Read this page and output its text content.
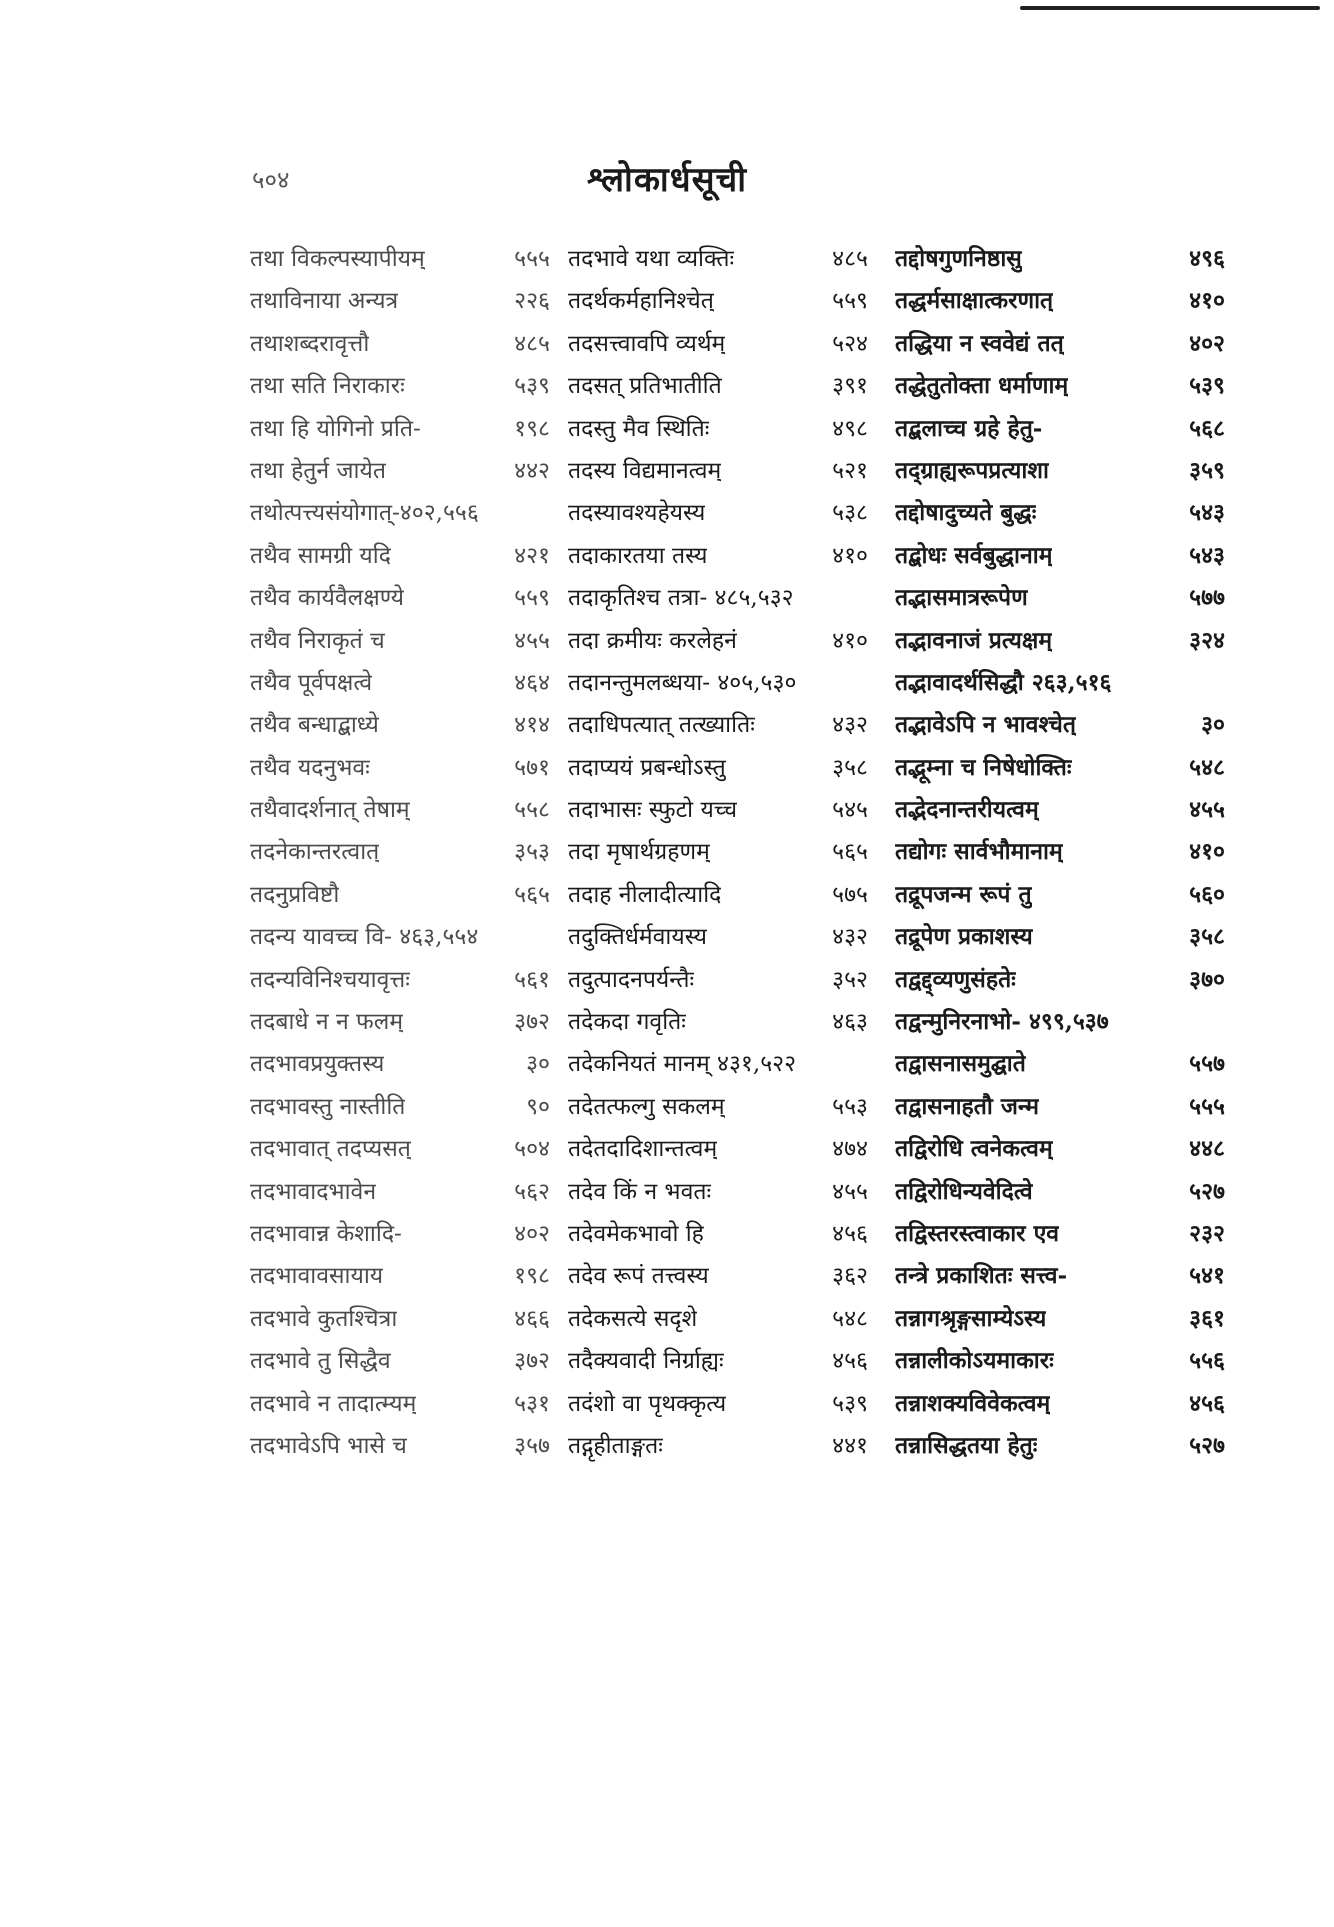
५०४	श्लोकार्धसूची
तथा विकल्पस्यापीयम्	५५५
तथाविनाया अन्यत्र	२२६
तथाशब्दरावृत्तौ	४८५
तथा सति निराकारः	५३९
तथा हि योगिनो प्रति-	१९८
तथा हेतुर्न जायेत	४४२
तथोत्पत्त्यसंयोगात्-४०२,५५६
तथैव सामग्री यदि	४२१
तथैव कार्यवैलक्षण्ये	५५९
तथैव निराकृतं च	४५५
तथैव पूर्वपक्षत्वे	४६४
तथैव बन्धाद्बाध्ये	४१४
तथैव यदनुभवः	५७१
तथैवादर्शनात् तेषाम्	५५८
तदनेकान्तरत्वात्	३५३
तदनुप्रविष्टौ	५६५
तदन्य यावच्च वि- ४६३,५५४
तदन्यविनिश्चयावृत्तः	५६१
तदबाधे न न फलम्	३७२
तदभावप्रयुक्तस्य	३०
तदभावस्तु नास्तीति	९०
तदभावात् तदप्यसत्	५०४
तदभावादभावेन	५६२
तदभावान्न केशादि-	४०२
तदभावावसायाय	१९८
तदभावे कुतश्चित्रा	४६६
तदभावे तु सिद्धैव	३७२
तदभावे न तादात्म्यम्	५३१
तदभावेऽपि भासे च	३५७
तदभावे यथा व्यक्तिः	४८५
तदर्थकर्महानिश्चेत्	५५९
तदसत्त्वावपि व्यर्थम्	५२४
तदसत् प्रतिभातीति	३९१
तदस्तु मैव स्थितिः	४९८
तदस्य विद्यमानत्वम्	५२१
तदस्यावश्यहेयस्य	५३८
तदाकारतया तस्य	४१०
तदाकृतिश्च तत्रा- ४८५,५३२
तदा क्रमीयः करलेहनं	४१०
तदानन्तुमलब्धया- ४०५,५३०
तदाधिपत्यात् तत्ख्यातिः	४३२
तदाप्ययं प्रबन्धोऽस्तु	३५८
तदाभासः स्फुटो यच्च	५४५
तदा मृषार्थग्रहणम्	५६५
तदाह नीलादीत्यादि	५७५
तदुक्तिर्धर्मवायस्य	४३२
तदुत्पादनपर्यन्तैः	३५२
तदेकदा गवृतिः	४६३
तदेकनियतं मानम् ४३१,५२२
तदेतत्फल्गु सकलम्	५५३
तदेतदादिशान्तत्वम्	४७४
तदेव किं न भवतः	४५५
तदेवमेकभावो हि	४५६
तदेव रूपं तत्त्वस्य	३६२
तदेकसत्ये सदृशे	५४८
तदैक्यवादी निर्ग्राह्यः	४५६
तदंशो वा पृथक्कृत्य	५३९
तद्गृहीताङ्गतः	४४१
तद्दोषगुणनिष्ठासु	४९६
तद्धर्मसाक्षात्करणात्	४१०
तद्धिया न स्ववेद्यं तत्	४०२
तद्धेतुतोक्ता धर्माणाम्	५३९
तद्बलाच्च ग्रहे हेतु-	५६८
तद्ग्राह्यरूपप्रत्याशा	३५९
तद्दोषादुच्यते बुद्धः	५४३
तद्बोधः सर्वबुद्धानाम्	५४३
तद्भासमात्ररूपेण	५७७
तद्भावनाजं प्रत्यक्षम्	३२४
तद्भावादर्थसिद्धौ २६३,५१६
तद्भावेऽपि न भावश्चेत्	३०
तद्भूम्ना च निषेधोक्तिः	५४८
तद्भेदनान्तरीयत्वम्	४५५
तद्योगः सार्वभौमानाम्	४१०
तद्रूपजन्म रूपं तु	५६०
तद्रूपेण प्रकाशस्य	३५८
तद्वद्द्व्यणुसंहतेः	३७०
तद्वन्मुनिरनाभो- ४९९,५३७
तद्वासनासमुद्घाते	५५७
तद्वासनाहतौ जन्म	५५५
तद्विरोधि त्वनेकत्वम्	४४८
तद्विरोधिन्यवेदित्वे	५२७
तद्विस्तरस्त्वाकार एव	२३२
तन्त्रे प्रकाशितः सत्त्व-	५४१
तन्नागश्रृङ्गसाम्येऽस्य	३६१
तन्नालीकोऽयमाकारः	५५६
तन्नाशक्यविवेकत्वम्	४५६
तन्नासिद्धतया हेतुः	५२७
